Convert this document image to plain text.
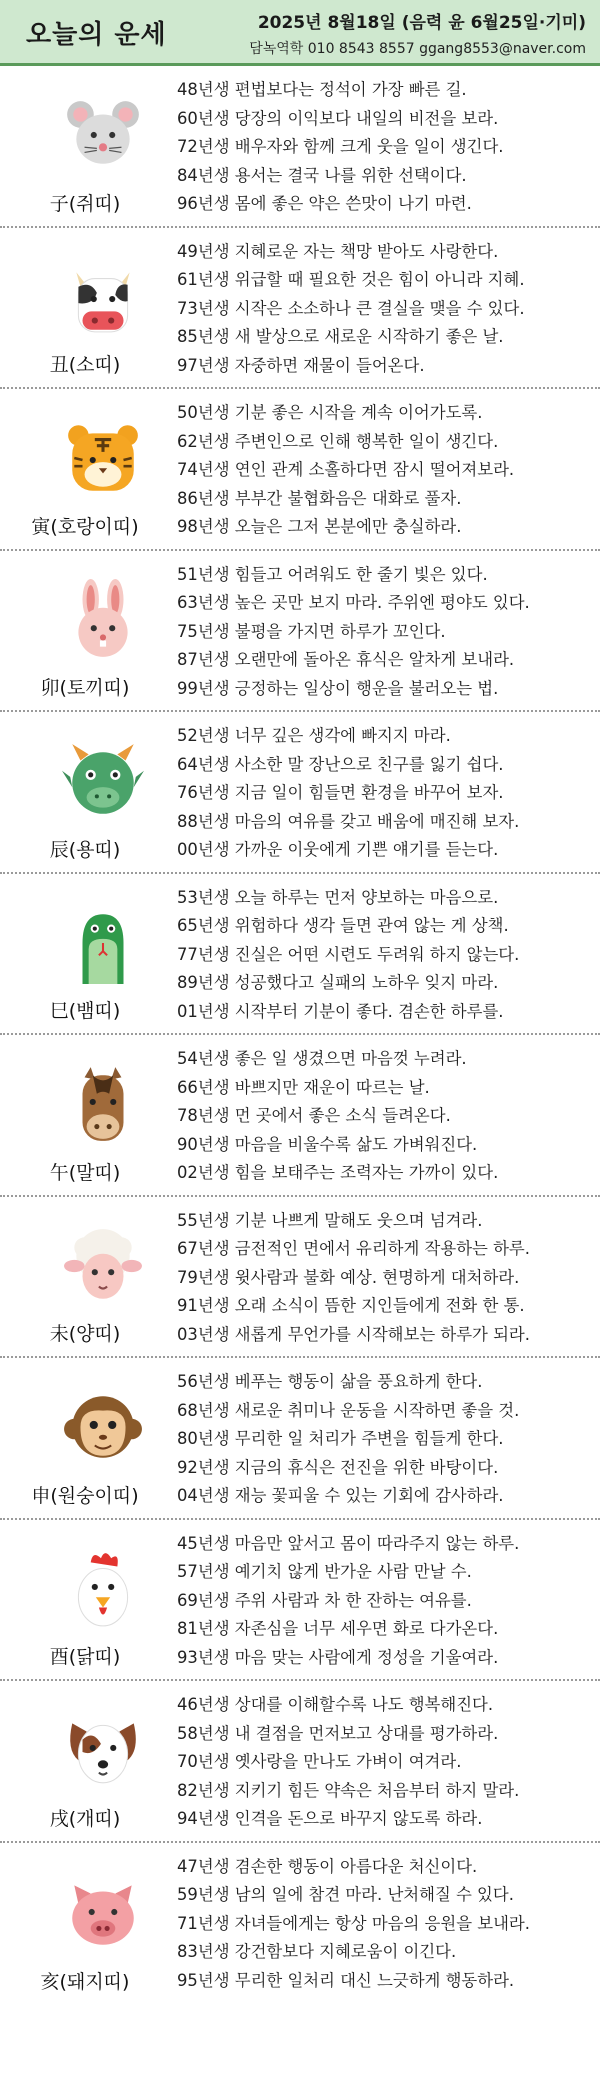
오늘의 운세	2025년 8월18일 (음력 윤 6월25일·기미)
담녹역학 010 8543 8557 ggang8553@naver.com
子(쥐띠)
48년생 편법보다는 정석이 가장 빠른 길.
60년생 당장의 이익보다 내일의 비전을 보라.
72년생 배우자와 함께 크게 웃을 일이 생긴다.
84년생 용서는 결국 나를 위한 선택이다.
96년생 몸에 좋은 약은 쓴맛이 나기 마련.
丑(소띠)
49년생 지혜로운 자는 책망 받아도 사랑한다.
61년생 위급할 때 필요한 것은 힘이 아니라 지혜.
73년생 시작은 소소하나 큰 결실을 맺을 수 있다.
85년생 새 발상으로 새로운 시작하기 좋은 날.
97년생 자중하면 재물이 들어온다.
寅(호랑이띠)
50년생 기분 좋은 시작을 계속 이어가도록.
62년생 주변인으로 인해 행복한 일이 생긴다.
74년생 연인 관계 소홀하다면 잠시 떨어져보라.
86년생 부부간 불협화음은 대화로 풀자.
98년생 오늘은 그저 본분에만 충실하라.
卯(토끼띠)
51년생 힘들고 어려워도 한 줄기 빛은 있다.
63년생 높은 곳만 보지 마라. 주위엔 평야도 있다.
75년생 불평을 가지면 하루가 꼬인다.
87년생 오랜만에 돌아온 휴식은 알차게 보내라.
99년생 긍정하는 일상이 행운을 불러오는 법.
辰(용띠)
52년생 너무 깊은 생각에 빠지지 마라.
64년생 사소한 말 장난으로 친구를 잃기 쉽다.
76년생 지금 일이 힘들면 환경을 바꾸어 보자.
88년생 마음의 여유를 갖고 배움에 매진해 보자.
00년생 가까운 이웃에게 기쁜 얘기를 듣는다.
巳(뱀띠)
53년생 오늘 하루는 먼저 양보하는 마음으로.
65년생 위험하다 생각 들면 관여 않는 게 상책.
77년생 진실은 어떤 시련도 두려워 하지 않는다.
89년생 성공했다고 실패의 노하우 잊지 마라.
01년생 시작부터 기분이 좋다. 겸손한 하루를.
午(말띠)
54년생 좋은 일 생겼으면 마음껏 누려라.
66년생 바쁘지만 재운이 따르는 날.
78년생 먼 곳에서 좋은 소식 들려온다.
90년생 마음을 비울수록 삶도 가벼워진다.
02년생 힘을 보태주는 조력자는 가까이 있다.
未(양띠)
55년생 기분 나쁘게 말해도 웃으며 넘겨라.
67년생 금전적인 면에서 유리하게 작용하는 하루.
79년생 윗사람과 불화 예상. 현명하게 대처하라.
91년생 오래 소식이 뜸한 지인들에게 전화 한 통.
03년생 새롭게 무언가를 시작해보는 하루가 되라.
申(원숭이띠)
56년생 베푸는 행동이 삶을 풍요하게 한다.
68년생 새로운 취미나 운동을 시작하면 좋을 것.
80년생 무리한 일 처리가 주변을 힘들게 한다.
92년생 지금의 휴식은 전진을 위한 바탕이다.
04년생 재능 꽃피울 수 있는 기회에 감사하라.
酉(닭띠)
45년생 마음만 앞서고 몸이 따라주지 않는 하루.
57년생 예기치 않게 반가운 사람 만날 수.
69년생 주위 사람과 차 한 잔하는 여유를.
81년생 자존심을 너무 세우면 화로 다가온다.
93년생 마음 맞는 사람에게 정성을 기울여라.
戌(개띠)
46년생 상대를 이해할수록 나도 행복해진다.
58년생 내 결점을 먼저보고 상대를 평가하라.
70년생 옛사랑을 만나도 가벼이 여겨라.
82년생 지키기 힘든 약속은 처음부터 하지 말라.
94년생 인격을 돈으로 바꾸지 않도록 하라.
亥(돼지띠)
47년생 겸손한 행동이 아름다운 처신이다.
59년생 남의 일에 참견 마라. 난처해질 수 있다.
71년생 자녀들에게는 항상 마음의 응원을 보내라.
83년생 강건함보다 지혜로움이 이긴다.
95년생 무리한 일처리 대신 느긋하게 행동하라.
